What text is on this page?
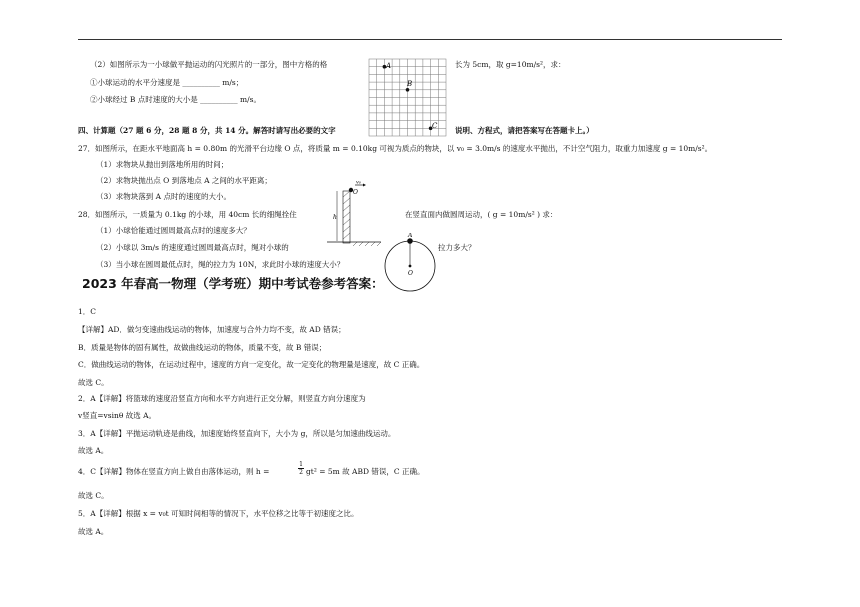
（2）如图所示为一小球做平抛运动的闪光照片的一部分，图中方格的格	长为 5cm，取 g=10m/s²，求：
①小球运动的水平分速度是 __________ m/s；
②小球经过 B 点时速度的大小是 __________ m/s。
A
B
C
四、计算题（27 题 6 分，28 题 8 分，共 14 分。解答时请写出必要的文字	说明、方程式，请把答案写在答题卡上。）
27．如图所示，在距水平地面高 h = 0.80m 的光滑平台边缘 O 点，将质量 m = 0.10kg 可视为质点的物块，以 v₀ = 3.0m/s 的速度水平抛出，不计空气阻力，取重力加速度 g = 10m/s²。
（1）求物块从抛出到落地所用的时间；
（2）求物块抛出点 O 到落地点 A 之间的水平距离；
（3）求物块落到 A 点时的速度的大小。
v₀
O
h
28．如图所示，一质量为 0.1kg 的小球，用 40cm 长的细绳拴住	在竖直面内做圆周运动，( g = 10m/s² ) 求：
（1）小球恰能通过圆周最高点时的速度多大？
（2）小球以 3m/s 的速度通过圆周最高点时，绳对小球的	拉力多大？
（3）当小球在圆周最低点时，绳的拉力为 10N，求此时小球的速度大小？
A
O
2023 年春高一物理（学考班）期中考试卷参考答案：
1．C
【详解】AD．做匀变速曲线运动的物体，加速度与合外力均不变，故 AD 错误；
B．质量是物体的固有属性，故做曲线运动的物体，质量不变，故 B 错误；
C．做曲线运动的物体，在运动过程中，速度的方向一定变化，故一定变化的物理量是速度，故 C 正确。
故选 C。
2．A【详解】将篮球的速度沿竖直方向和水平方向进行正交分解，则竖直方向分速度为
v竖直=vsinθ 故选 A。
3．A【详解】平抛运动轨迹是曲线，加速度始终竖直向下，大小为 g，所以是匀加速曲线运动。
故选 A。
4．C【详解】物体在竖直方向上做自由落体运动，则 h =
1
2 gt² = 5m 故 ABD 错误，C 正确。
故选 C。
5．A【详解】根据 x = v₀t 可知时间相等的情况下，水平位移之比等于初速度之比。
故选 A。
